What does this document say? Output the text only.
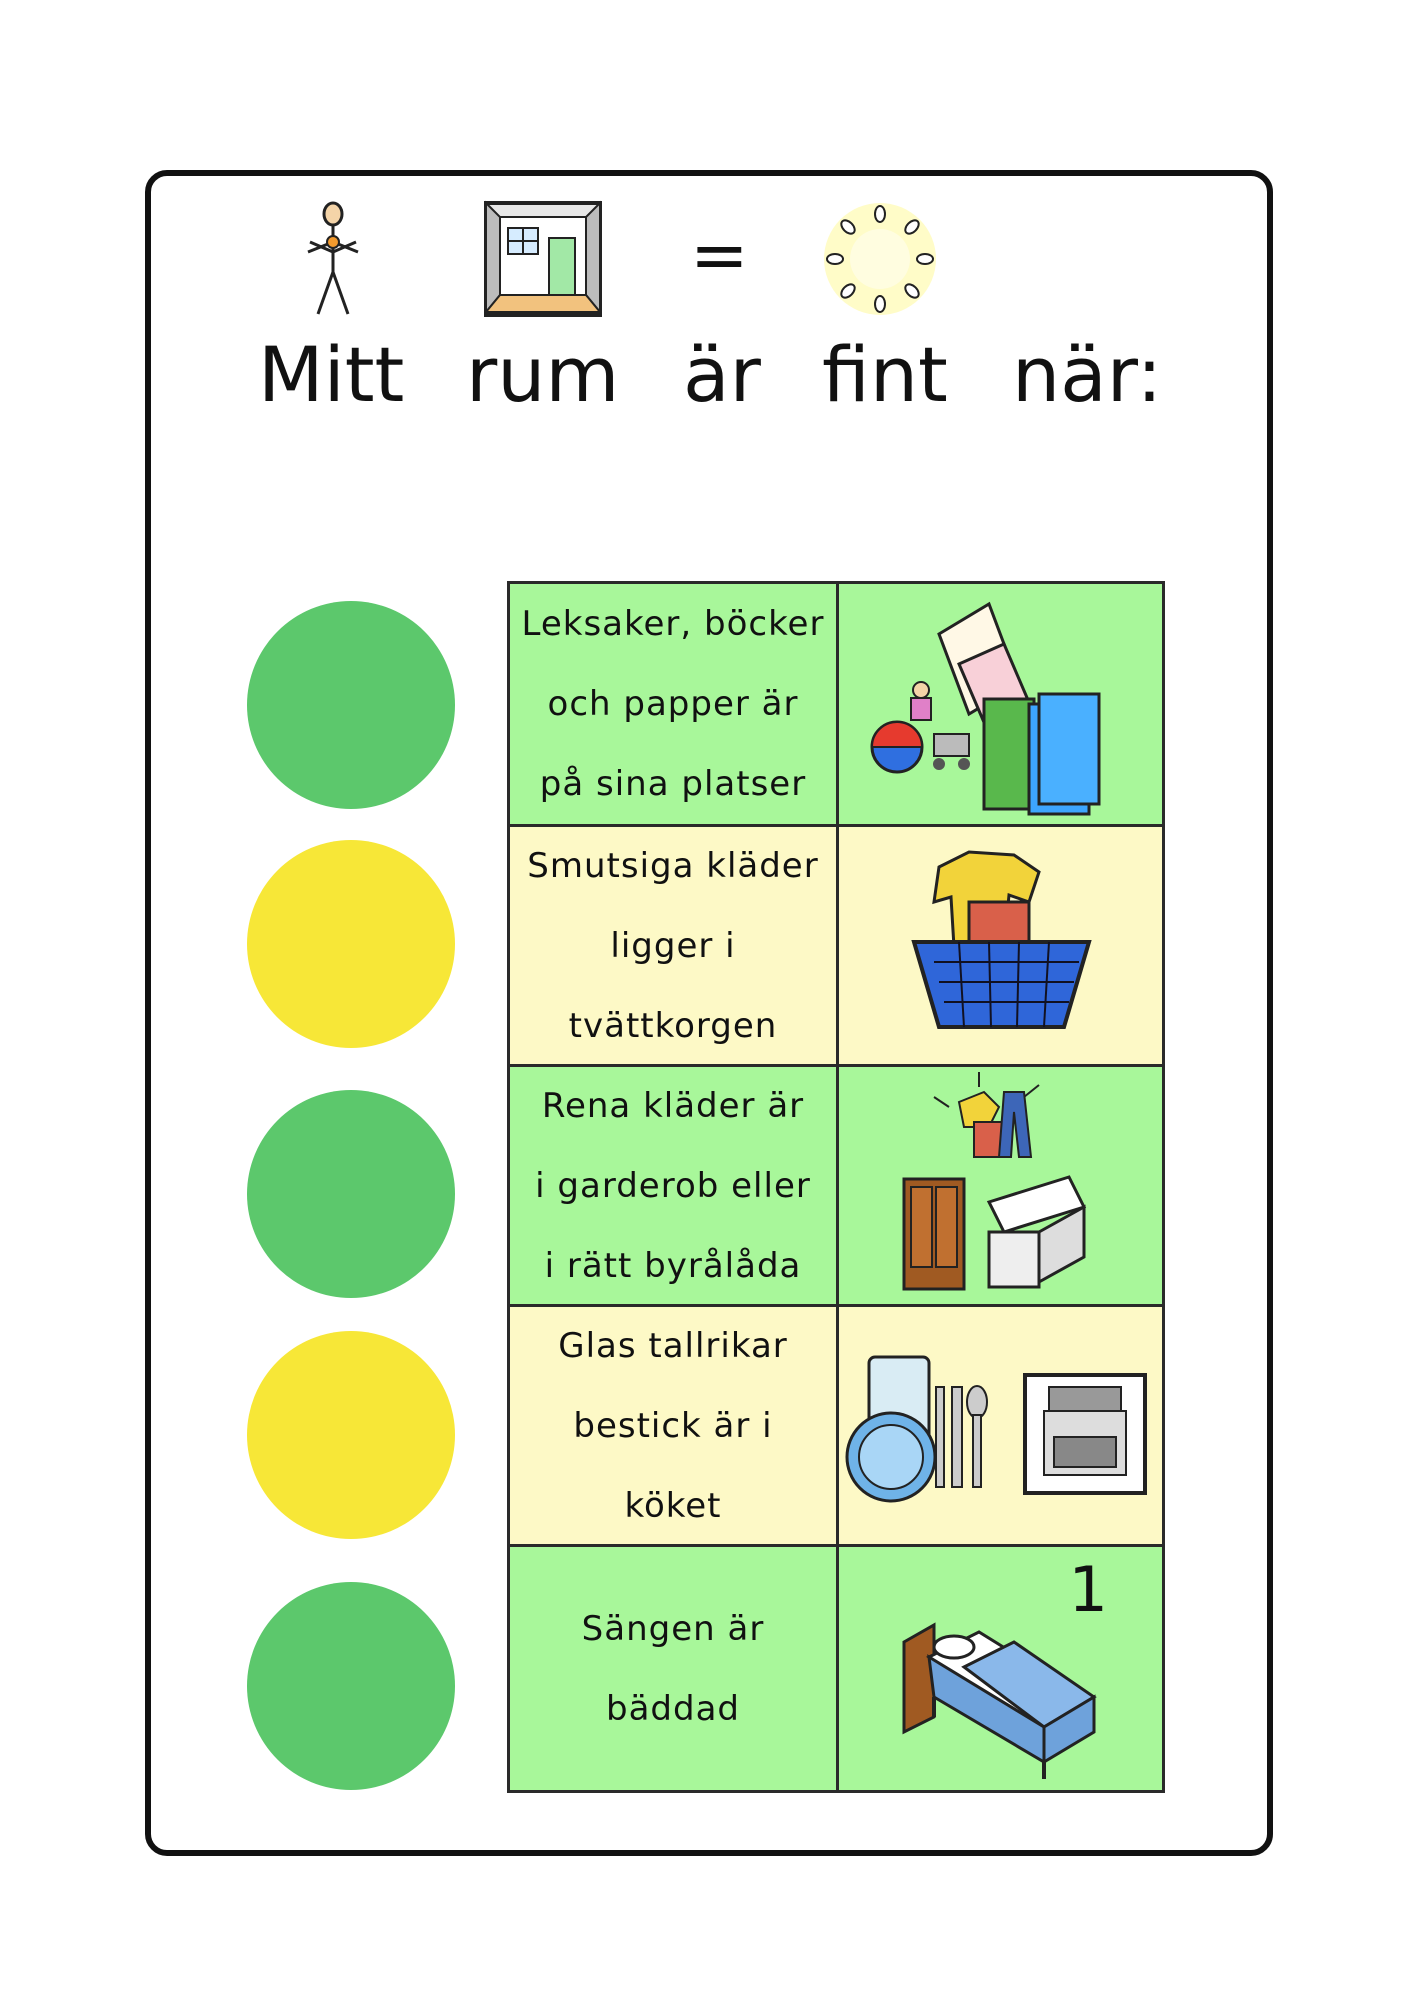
=
Mitt rum är fint när:
Leksaker, böcker
och papper är
på sina platser
Smutsiga kläder
ligger i
tvättkorgen
Rena kläder är
i garderob eller
i rätt byrålåda
Glas tallrikar
bestick är i
köket
Sängen är
bäddad
1
